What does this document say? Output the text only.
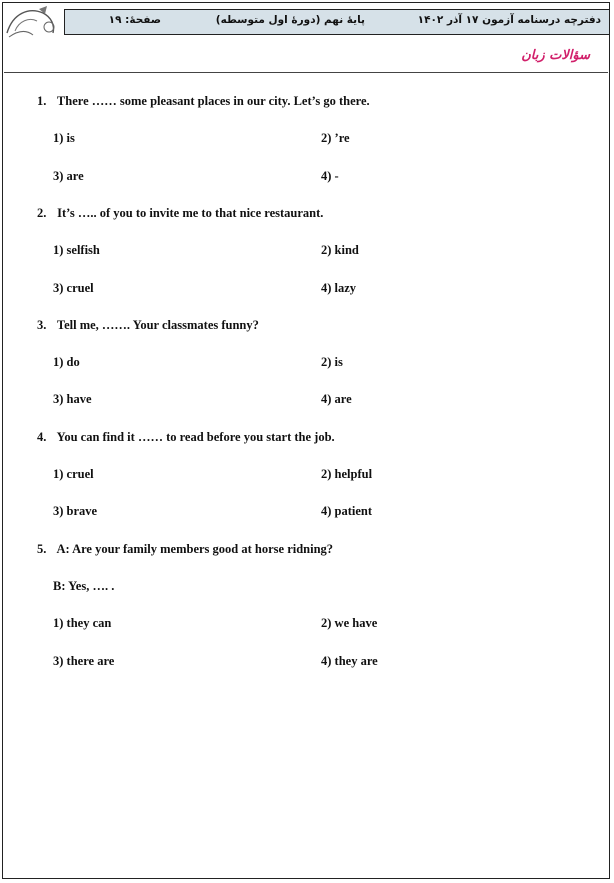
دفترچه درسنامه آزمون ۱۷ آذر ۱۴۰۲
پایهٔ نهم (دورهٔ اول متوسطه)
صفحهٔ: ۱۹
سؤالات زبان
1. There …… some pleasant places in our city. Let’s go there.
1) is	2) ’re
3) are	4) -
2. It’s ….. of you to invite me to that nice restaurant.
1) selfish	2) kind
3) cruel	4) lazy
3. Tell me, ……. Your classmates funny?
1) do	2) is
3) have	4) are
4. You can find it …… to read before you start the job.
1) cruel	2) helpful
3) brave	4) patient
5. A: Are your family members good at horse ridning?
B: Yes, …. .
1) they can	2) we have
3) there are	4) they are
